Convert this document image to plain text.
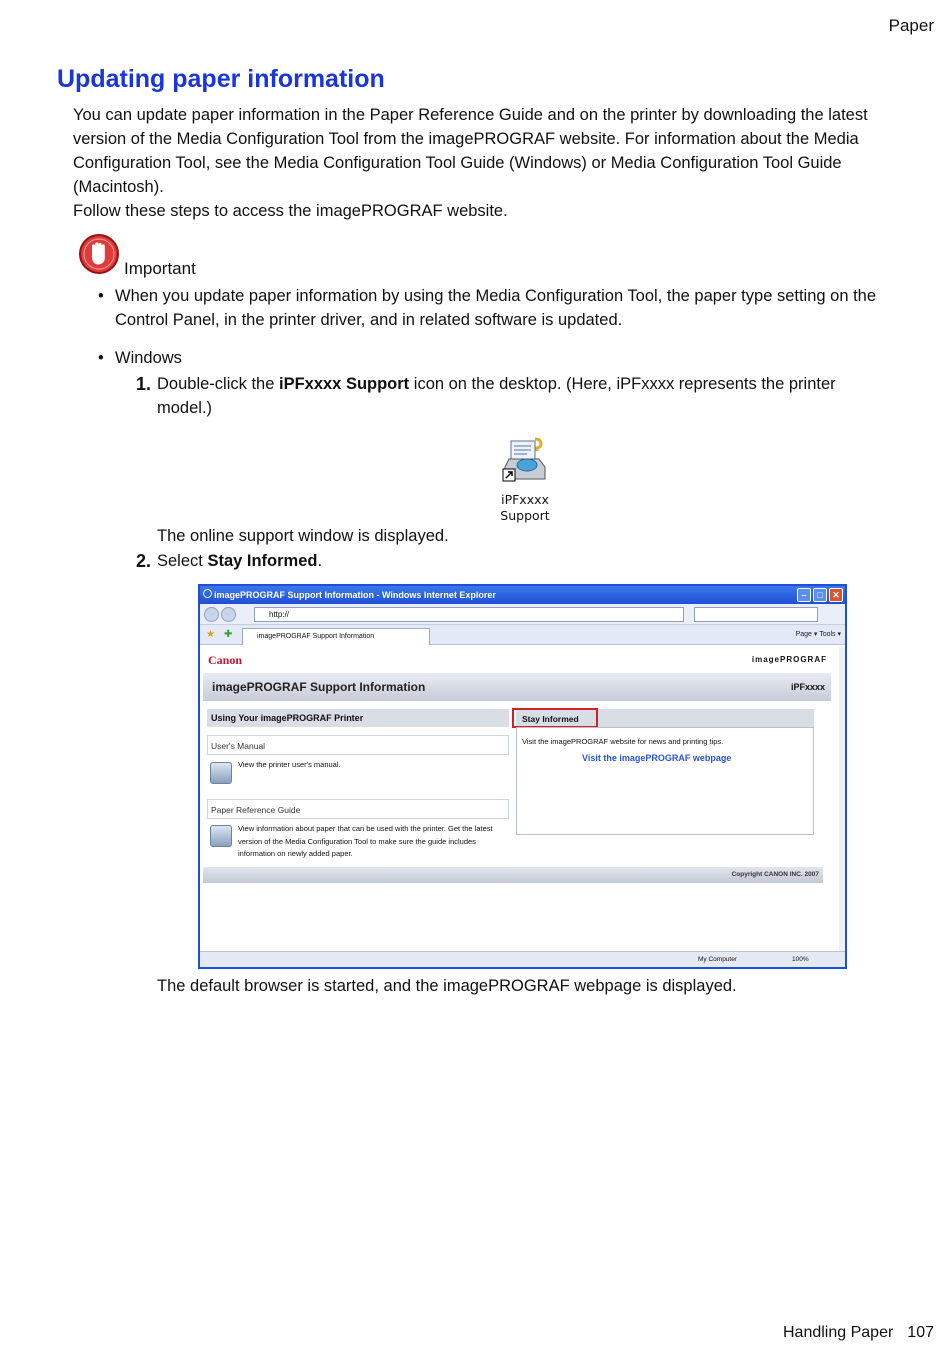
Paper
Updating paper information

You can update paper information in the Paper Reference Guide and on the printer by downloading the latest version of the Media Configuration Tool from the imagePROGRAF website. For information about the Media Configuration Tool, see the Media Configuration Tool Guide (Windows) or Media Configuration Tool Guide (Macintosh).

Follow these steps to access the imagePROGRAF website.

Important
• When you update paper information by using the Media Configuration Tool, the paper type setting on the Control Panel, in the printer driver, and in related software is updated.
• Windows
1. Double-click the iPFxxxx Support icon on the desktop. (Here, iPFxxxx represents the printer model.)
iPFxxxx
Support
The online support window is displayed.
2. Select Stay Informed.
imagePROGRAF Support Information - Windows Internet Explorer	–	□	✕
http://
★ ✚	imagePROGRAF Support Information	Page ▾ Tools ▾
Canon	imagePROGRAF
imagePROGRAF Support Information	iPFxxxx
Using Your imagePROGRAF Printer	Stay Informed
Visit the imagePROGRAF website for news and printing tips.
Visit the imagePROGRAF webpage
User's Manual
View the printer user's manual.
Paper Reference Guide
View information about paper that can be used with the printer. Get the latest version of the Media Configuration Tool to make sure the guide includes information on newly added paper.
Copyright CANON INC. 2007
My Computer	100%
The default browser is started, and the imagePROGRAF webpage is displayed.
Handling Paper 107
